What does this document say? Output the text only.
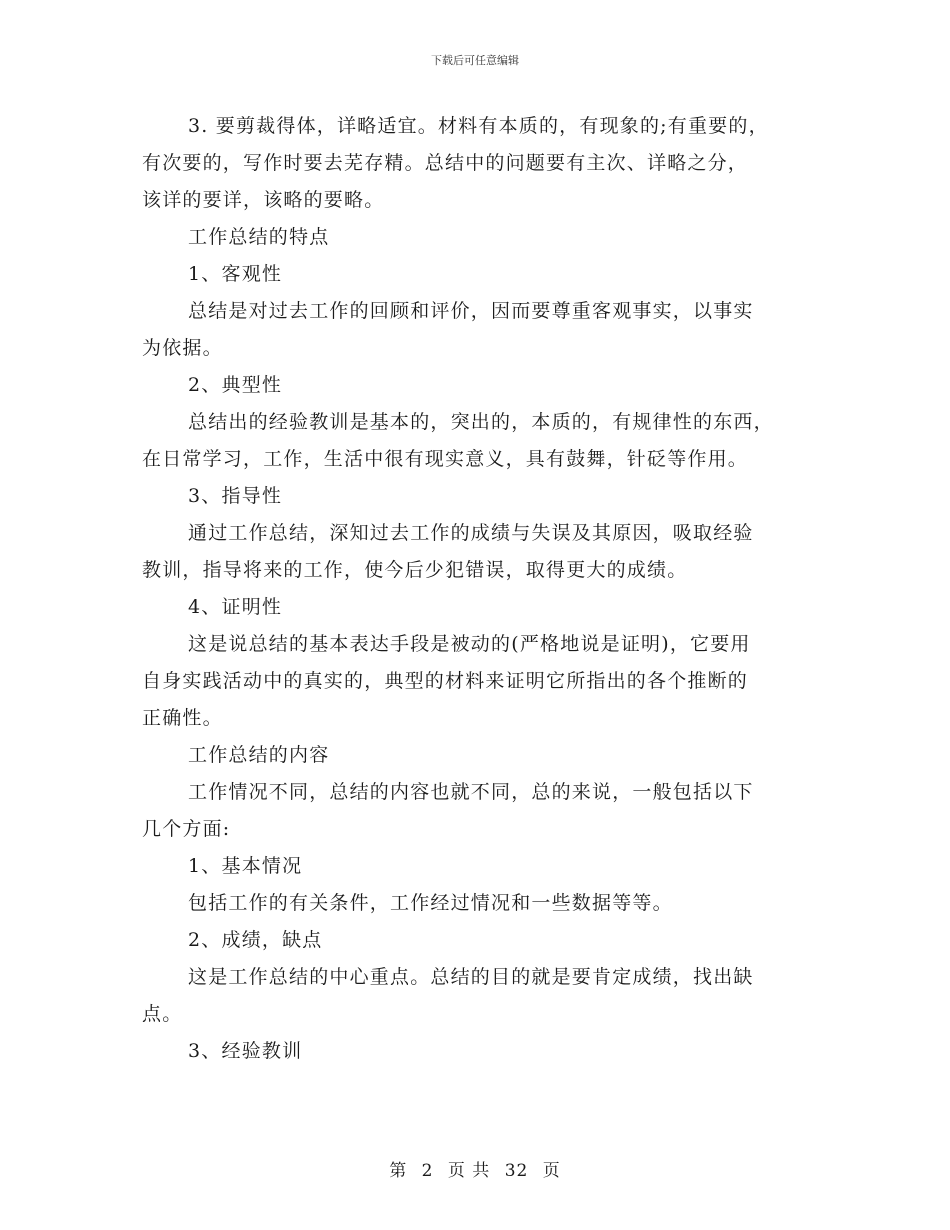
下载后可任意编辑

3. 要剪裁得体，详略适宜。材料有本质的，有现象的;有重要的，
有次要的，写作时要去芜存精。总结中的问题要有主次、详略之分，
该详的要详，该略的要略。

工作总结的特点

1、客观性

总结是对过去工作的回顾和评价，因而要尊重客观事实，以事实
为依据。

2、典型性

总结出的经验教训是基本的，突出的，本质的，有规律性的东西，
在日常学习，工作，生活中很有现实意义，具有鼓舞，针砭等作用。

3、指导性

通过工作总结，深知过去工作的成绩与失误及其原因，吸取经验
教训，指导将来的工作，使今后少犯错误，取得更大的成绩。

4、证明性

这是说总结的基本表达手段是被动的(严格地说是证明)，它要用
自身实践活动中的真实的，典型的材料来证明它所指出的各个推断的
正确性。

工作总结的内容

工作情况不同，总结的内容也就不同，总的来说，一般包括以下
几个方面:

1、基本情况

包括工作的有关条件，工作经过情况和一些数据等等。

2、成绩，缺点

这是工作总结的中心重点。总结的目的就是要肯定成绩，找出缺
点。

3、经验教训

第 2 页 共 32 页
